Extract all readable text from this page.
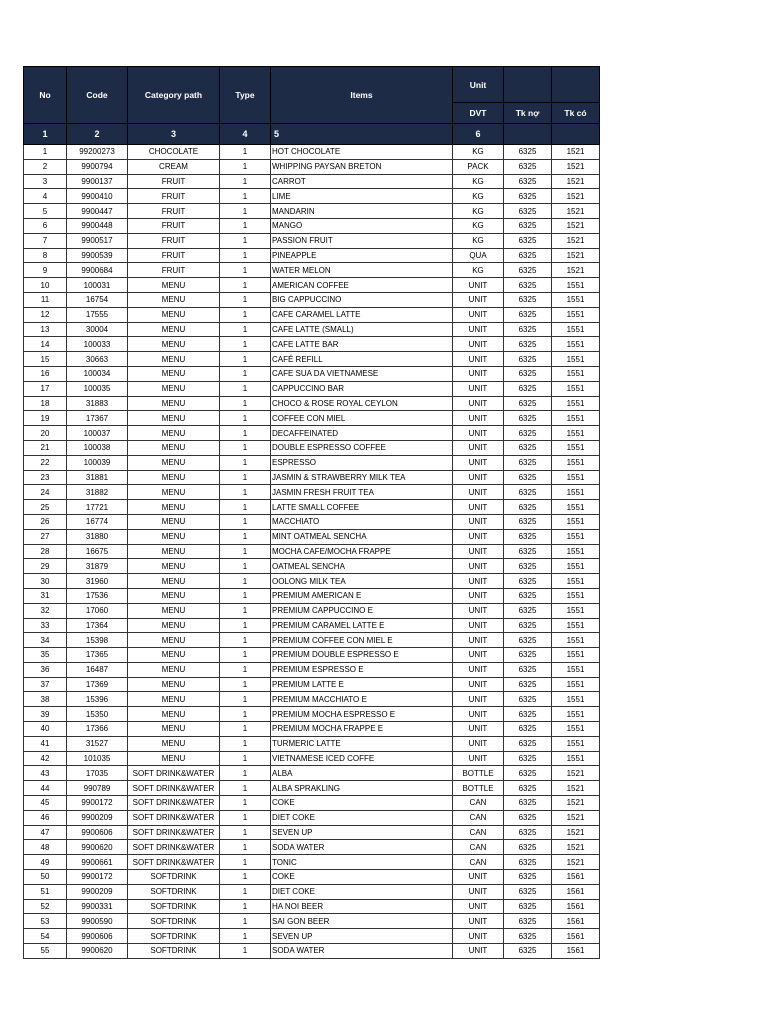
No	Code	Category path	Type	Items	Unit		
					DVT	Tk nợ	Tk có
1	2	3	4	5	6		
1	99200273	CHOCOLATE	1	HOT CHOCOLATE	KG	6325	1521
2	9900794	CREAM	1	WHIPPING PAYSAN BRETON	PACK	6325	1521
3	9900137	FRUIT	1	CARROT	KG	6325	1521
4	9900410	FRUIT	1	LIME	KG	6325	1521
5	9900447	FRUIT	1	MANDARIN	KG	6325	1521
6	9900448	FRUIT	1	MANGO	KG	6325	1521
7	9900517	FRUIT	1	PASSION FRUIT	KG	6325	1521
8	9900539	FRUIT	1	PINEAPPLE	QUA	6325	1521
9	9900684	FRUIT	1	WATER MELON	KG	6325	1521
10	100031	MENU	1	AMERICAN COFFEE	UNIT	6325	1551
11	16754	MENU	1	BIG CAPPUCCINO	UNIT	6325	1551
12	17555	MENU	1	CAFE CARAMEL LATTE	UNIT	6325	1551
13	30004	MENU	1	CAFE LATTE (SMALL)	UNIT	6325	1551
14	100033	MENU	1	CAFE LATTE BAR	UNIT	6325	1551
15	30663	MENU	1	CAFÉ REFILL	UNIT	6325	1551
16	100034	MENU	1	CAFE SUA DA VIETNAMESE	UNIT	6325	1551
17	100035	MENU	1	CAPPUCCINO BAR	UNIT	6325	1551
18	31883	MENU	1	CHOCO & ROSE ROYAL CEYLON	UNIT	6325	1551
19	17367	MENU	1	COFFEE CON MIEL	UNIT	6325	1551
20	100037	MENU	1	DECAFFEINATED	UNIT	6325	1551
21	100038	MENU	1	DOUBLE ESPRESSO COFFEE	UNIT	6325	1551
22	100039	MENU	1	ESPRESSO	UNIT	6325	1551
23	31881	MENU	1	JASMIN & STRAWBERRY MILK TEA	UNIT	6325	1551
24	31882	MENU	1	JASMIN FRESH FRUIT TEA	UNIT	6325	1551
25	17721	MENU	1	LATTE SMALL COFFEE	UNIT	6325	1551
26	16774	MENU	1	MACCHIATO	UNIT	6325	1551
27	31880	MENU	1	MINT OATMEAL SENCHA	UNIT	6325	1551
28	16675	MENU	1	MOCHA CAFE/MOCHA FRAPPE	UNIT	6325	1551
29	31879	MENU	1	OATMEAL SENCHA	UNIT	6325	1551
30	31960	MENU	1	OOLONG MILK TEA	UNIT	6325	1551
31	17536	MENU	1	PREMIUM AMERICAN E	UNIT	6325	1551
32	17060	MENU	1	PREMIUM CAPPUCCINO E	UNIT	6325	1551
33	17364	MENU	1	PREMIUM CARAMEL LATTE E	UNIT	6325	1551
34	15398	MENU	1	PREMIUM COFFEE CON MIEL E	UNIT	6325	1551
35	17365	MENU	1	PREMIUM DOUBLE ESPRESSO E	UNIT	6325	1551
36	16487	MENU	1	PREMIUM ESPRESSO E	UNIT	6325	1551
37	17369	MENU	1	PREMIUM LATTE E	UNIT	6325	1551
38	15396	MENU	1	PREMIUM MACCHIATO E	UNIT	6325	1551
39	15350	MENU	1	PREMIUM MOCHA ESPRESSO E	UNIT	6325	1551
40	17366	MENU	1	PREMIUM MOCHA FRAPPE E	UNIT	6325	1551
41	31527	MENU	1	TURMERIC LATTE	UNIT	6325	1551
42	101035	MENU	1	VIETNAMESE ICED COFFE	UNIT	6325	1551
43	17035	SOFT DRINK&WATER	1	ALBA	BOTTLE	6325	1521
44	990789	SOFT DRINK&WATER	1	ALBA SPRAKLING	BOTTLE	6325	1521
45	9900172	SOFT DRINK&WATER	1	COKE	CAN	6325	1521
46	9900209	SOFT DRINK&WATER	1	DIET COKE	CAN	6325	1521
47	9900606	SOFT DRINK&WATER	1	SEVEN UP	CAN	6325	1521
48	9900620	SOFT DRINK&WATER	1	SODA WATER	CAN	6325	1521
49	9900661	SOFT DRINK&WATER	1	TONIC	CAN	6325	1521
50	9900172	SOFTDRINK	1	COKE	UNIT	6325	1561
51	9900209	SOFTDRINK	1	DIET COKE	UNIT	6325	1561
52	9900331	SOFTDRINK	1	HA NOI BEER	UNIT	6325	1561
53	9900590	SOFTDRINK	1	SAI GON BEER	UNIT	6325	1561
54	9900606	SOFTDRINK	1	SEVEN UP	UNIT	6325	1561
55	9900620	SOFTDRINK	1	SODA WATER	UNIT	6325	1561
